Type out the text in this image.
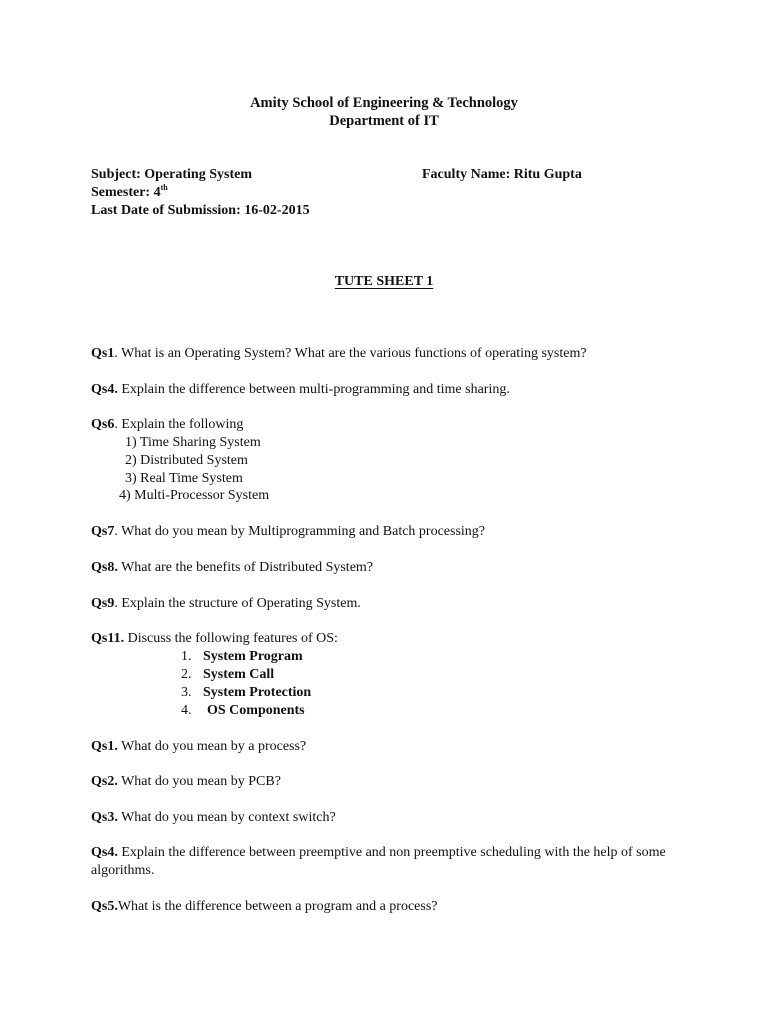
Amity School of Engineering & Technology
Department of IT
Subject: Operating System	Faculty Name: Ritu Gupta
Semester: 4th
Last Date of Submission: 16-02-2015
TUTE SHEET 1
Qs1. What is an Operating System? What are the various functions of operating system?
Qs4. Explain the difference between multi-programming and time sharing.
Qs6. Explain the following
1) Time Sharing System
2) Distributed System
3) Real Time System
4) Multi-Processor System
Qs7. What do you mean by Multiprogramming and Batch processing?
Qs8. What are the benefits of Distributed System?
Qs9. Explain the structure of Operating System.
Qs11. Discuss the following features of OS:
1. System Program
2. System Call
3. System Protection
4.	OS Components
Qs1. What do you mean by a process?
Qs2. What do you mean by PCB?
Qs3. What do you mean by context switch?
Qs4. Explain the difference between preemptive and non preemptive scheduling with the help of some algorithms.
Qs5.What is the difference between a program and a process?
